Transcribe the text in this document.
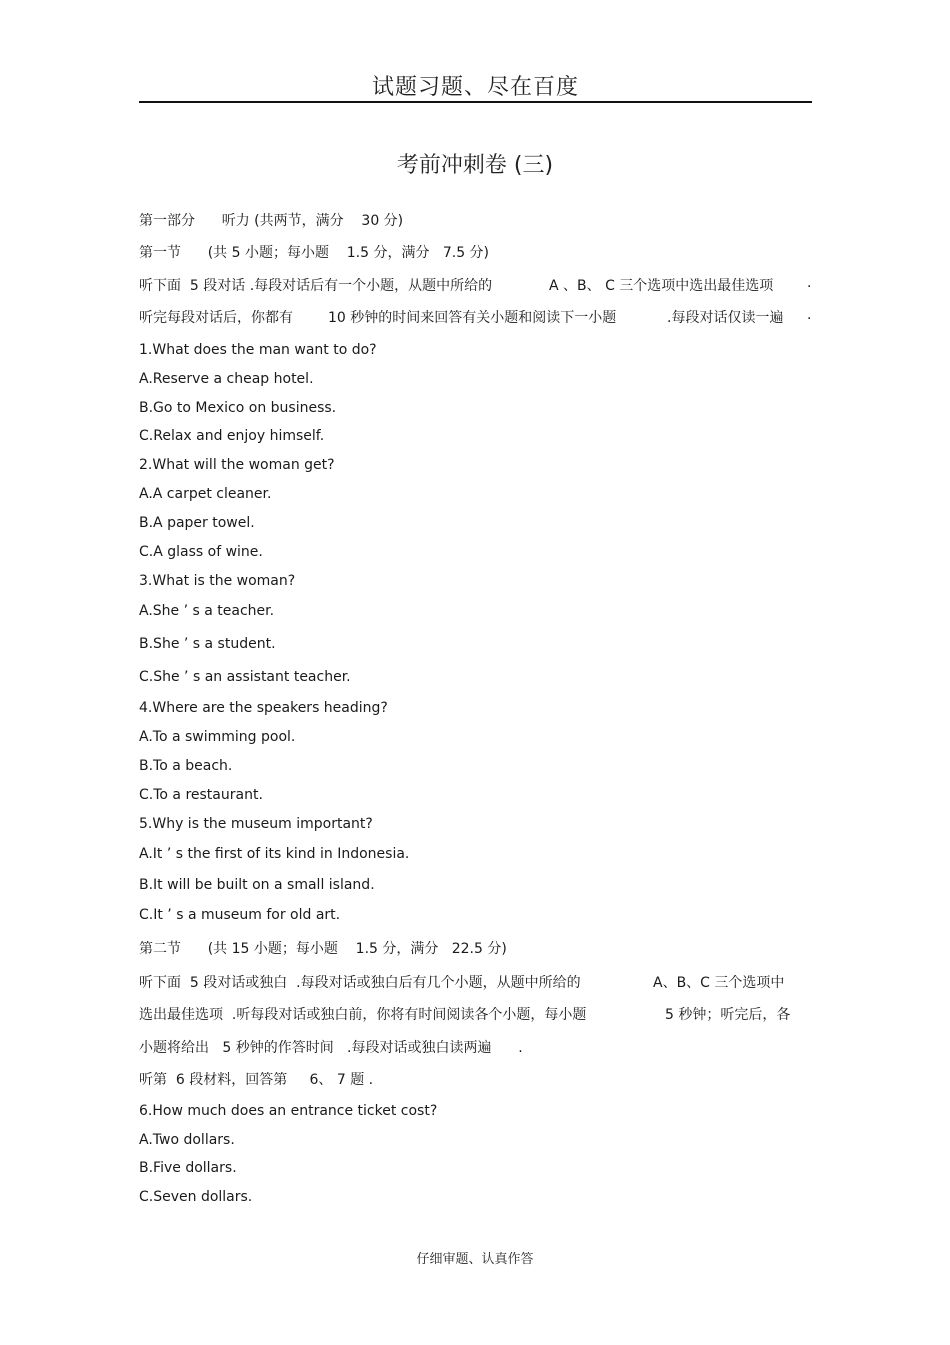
试题习题、尽在百度
考前冲刺卷 (三)
第一部分      听力 (共两节，满分    30 分)
第一节      (共 5 小题；每小题    1.5 分，满分   7.5 分)

听下面  5 段对话 .每段对话后有一个小题，从题中所给的

	A 、B、 C 三个选项中选出最佳选项

.

听完每段对话后，你都有

	10 秒钟的时间来回答有关小题和阅读下一小题

	.每段对话仅读一遍

.

1.What does the man want to do?
A.Reserve a cheap hotel.
B.Go to Mexico on business.
C.Relax and enjoy himself.
2.What will the woman get?
A.A carpet cleaner.
B.A paper towel.
C.A glass of wine.
3.What is the woman?
A.She ’ s a teacher.
B.She ’ s a student.
C.She ’ s an assistant teacher.
4.Where are the speakers heading?
A.To a swimming pool.
B.To a beach.
C.To a restaurant.
5.Why is the museum important?
A.It ’ s the first of its kind in Indonesia.
B.It will be built on a small island.
C.It ’ s a museum for old art.
第二节      (共 15 小题；每小题    1.5 分，满分   22.5 分)

听下面  5 段对话或独白  .每段对话或独白后有几个小题，从题中所给的

	A、B、C 三个选项中

选出最佳选项  .听每段对话或独白前，你将有时间阅读各个小题，每小题

	5 秒钟；听完后，各

小题将给出   5 秒钟的作答时间   .每段对话或独白读两遍      .
听第  6 段材料，回答第     6、 7 题 .
6.How much does an entrance ticket cost?
A.Two dollars.
B.Five dollars.
C.Seven dollars.
仔细审题、认真作答
